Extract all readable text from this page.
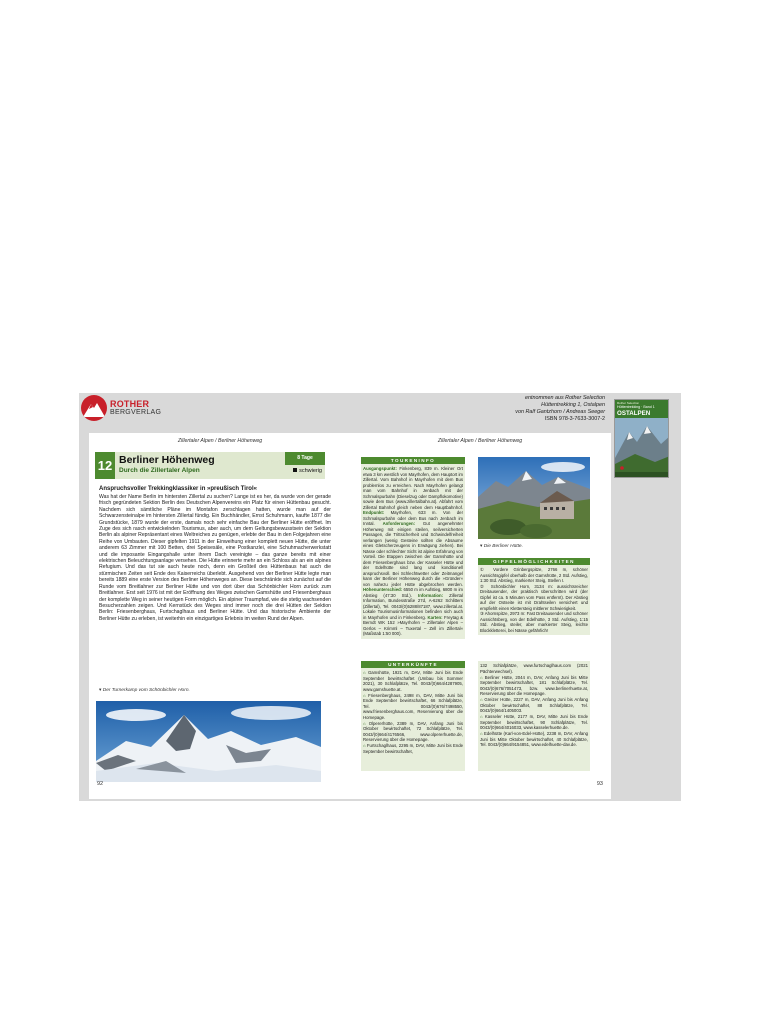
ROTHER
BERGVERLAG
entnommen aus Rother Selection
Hüttentrekking 1, Ostalpen
von Ralf Gantzhorn / Andreas Seeger
ISBN 978-3-7633-3007-2
Rother Selection
Hüttentrekking · Band 1
OSTALPEN
Zillertaler Alpen / Berliner Höhenweg
12 Berliner Höhenweg
Durch die Zillertaler Alpen
8 Tage
schwierig
Anspruchsvoller Trekkingklassiker in »preußisch Tirol«
Was hat der Name Berlin im hintersten Zillertal zu suchen? Lange ist es her, da wurde von der gerade frisch gegründeten Sektion Berlin des Deutschen Alpenvereins ein Platz für einen Hüttenbau gesucht. Nachdem sich sämtliche Pläne im Montafon zerschlagen hatten, wurde man auf der Schwarzensteinalpe im hintersten Zillertal fündig. Ein Buchhändler, Ernst Schuhmann, kaufte 1877 die Grundstücke, 1879 wurde der erste, damals noch sehr einfache Bau der Berliner Hütte eröffnet. Im Zuge des sich rasch entwickelnden Tourismus, aber auch, um dem Geltungsbewusstsein der Sektion Berlin als alpiner Repräsentant eines Weltreiches zu genügen, erlebte der Bau in den Folgejahren eine Reihe von Umbauten. Dieser gipfelten 1911 in der Einweihung einer komplett neuen Hütte, die unter anderem 63 Zimmer mit 100 Betten, drei Speisesäle, eine Postkanzlei, eine Schuhmacherwerkstatt und die imposante Eingangshalle unter ihrem Dach vereinigte – das ganze bereits mit einer elektrischen Beleuchtungsanlage versehen. Die Hütte erinnerte mehr an ein Schloss als an ein alpines Refugium. Und das tut sie auch heute noch, denn ein Großteil des Hüttenbaus hat auch die stürmischen Zeiten seit Ende des Kaiserreichs überlebt. Ausgehend von der Berliner Hütte legte man bereits 1889 eine erste Version des Berliner Höhenweges an. Diese beschränkte sich zunächst auf die Runde vom Breitlahner zur Berliner Hütte und von dort über das Schönbichler Horn zurück zum Breitlahner. Erst seit 1976 ist mit der Eröffnung des Weges zwischen Gamshütte und Friesenberghaus der komplette Weg in seiner heutigen Form möglich. Ein alpiner Traumpfad, wie die stetig wachsenden Besucherzahlen zeigen. Und Kernstück des Weges sind immer noch die drei Hütten der Sektion Berlin: Friesenberghaus, Furtschaglhaus und Berliner Hütte. Und das historische Ambiente der Berliner Hütte zu erleben, ist weiterhin ein einzigartiges Erlebnis im weiten Rund der Alpen.
▾ Der Turnerkamp vom Schönbichler Horn.
92
Zillertaler Alpen / Berliner Höhenweg
TOURENINFO
Ausgangspunkt: Finkenberg, 839 m. Kleiner Ort etwa 3 km westlich von Mayrhofen, dem Hauptort im Zillertal. Vom Bahnhof in Mayrhofen mit dem Bus problemlos zu erreichen. Nach Mayrhofen gelangt man vom Bahnhof in Jenbach mit der Schmalspurbahn (Dieselzug oder Dampflokomotive) sowie dem Bus (www.zillertalbahn.at). Abfahrt vom Zillertal Bahnhof gleich neben dem Hauptbahnhof. Endpunkt: Mayrhofen, 633 m. Von der Schmalspurbahn oder dem Bus nach Jenbach im Inntal. Anforderungen: Gut angenehmter Höhenweg mit einigen steilen, seilversicherten Passagen, die Trittsicherheit und Schwindelfreiheit verlangen (wenig Gesteine sollten die Absaume eines Gletscherzeugens in Erwägung ziehen). Bei Nässe oder schlechter Sicht ist alpine Erfahrung von Vorteil. Die Etappen zwischen der Gamshütte und dem Friesenberghaus bzw. der Kasseler Hütte und der Edelhütte sind lang und konditionell anspruchsvoll. Bei Schlechtwetter oder Zeitmangel kann der Berliner Höhenweg durch die »Gründer« von nahezu jeder Hütte abgebrochen werden. Höhenunterschied: 6550 m im Aufstieg, 6800 m im Abstieg (47:30 Std.). Information: Zillertal Information, Bundesstraße 27d, A-6262 Schlitters (Zillertal), Tel. 0043/(0)5288/87187, www.zillertal.at. Lokale Tourismusinformationen befinden sich auch in Mayrhofen und in Finkenberg. Karten: Freytag & Berndt WK 152 »Mayrhofen – Zillertaler Alpen – Gerlos – Krimml – Tuxertal – Zell im Zillertal« (Maßstab 1:50 000).
▾ Die Berliner Hütte.
GIPFELMÖGLICHKEITEN
① Vordere Grinbergspitze, 2766 m, schöner Aussichtsgipfel oberhalb der Gamshütte, 2 Std. Aufstieg, 1:30 Std. Abstieg, markierter Steig, Stellen I.
② Schönbichler Horn, 3134 m: aussichtsreicher Dreitausender, der praktisch überschritten wird (der Gipfel ist ca. 5 Minuten vom Pass entfernt). Der Abstieg auf der Ostseite ist mit Drahtseilen versichert und empfiehlt einen Klettersteig mittlerer Schwierigkeit.
③ Ahornspitze, 2973 m: Fast Dreitausender und schöner Aussichtsberg, von der Edelhütte, 3 Std. Aufstieg, 1:15 Std. Abstieg, steiler, aber markierter Steig, leichte Blockkletterei, bei Nässe gefährlich!
UNTERKÜNFTE
⌂ Gamshütte, 1921 m, DAV, Mitte Juni bis Ende September bewirtschaftet (Umbau bis Sommer 2021), 30 Schlafplätze, Tel. 0043/(0)664/4287905, www.gamshuette.at.
⌂ Friesenberghaus, 2498 m, DAV, Mitte Juni bis Ende September bewirtschaftet, 66 Schlafplätze, Tel. 0043/(0)676/7498550, www.friesenberghaus.com, Reservierung über die Homepage.
⌂ Olpererhütte, 2389 m, DAV, Anfang Juni bis Oktober bewirtschaftet, 72 Schlafplätze, Tel. 0043/(0)664/4176566, www.olpererhuette.de, Reservierung über die Homepage.
⌂ Furtschaglhaus, 2295 m, DAV, Mitte Juni bis Ende September bewirtschaftet,
132 Schlafplätze, www.furtschaglhaus.com (2021 Pächterwechsel).
⌂ Berliner Hütte, 2044 m, DAV, Anfang Juni bis Mitte September bewirtschaftet, 181 Schlafplätze, Tel. 0043/(0)676/7051473, bzw. www.berlinerhuette.at, Reservierung über die Homepage.
⌂ Greizer Hütte, 2227 m, DAV, Anfang Juni bis Anfang Oktober bewirtschaftet, 88 Schlafplätze, Tel. 0043/(0)664/1405003.
⌂ Kasseler Hütte, 2177 m, DAV, Mitte Juni bis Ende September bewirtschaftet, 90 Schlafplätze, Tel. 0043/(0)664/4016033, www.kasselerhuette.de.
⌂ Edelhütte (Karl-von-Edel-Hütte), 2238 m, DAV, Anfang Juni bis Mitte Oktober bewirtschaftet, 40 Schlafplätze, Tel. 0043/(0)664/9154851, www.edelhuette-dav.de.
93
